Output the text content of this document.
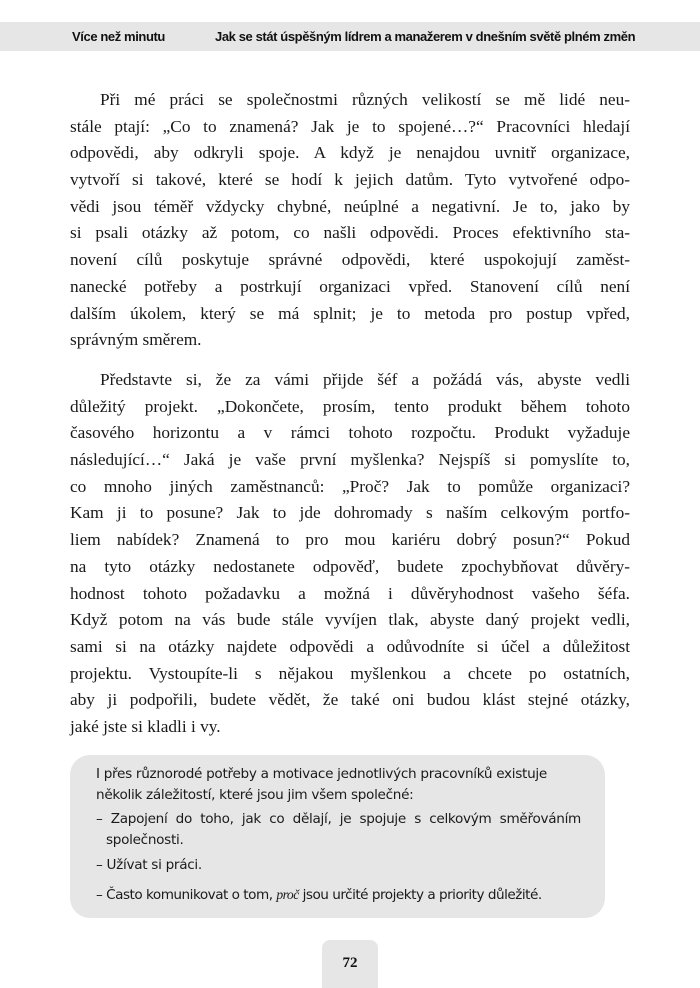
Více než minutu	Jak se stát úspěšným lídrem a manažerem v dnešním světě plném změn
Při mé práci se společnostmi různých velikostí se mě lidé neu-
stále ptají: „Co to znamená? Jak je to spojené…?“ Pracovníci hledají
odpovědi, aby odkryli spoje. A když je nenajdou uvnitř organizace,
vytvoří si takové, které se hodí k jejich datům. Tyto vytvořené odpo-
vědi jsou téměř vždycky chybné, neúplné a negativní. Je to, jako by
si psali otázky až potom, co našli odpovědi. Proces efektivního sta-
novení cílů poskytuje správné odpovědi, které uspokojují zaměst-
nanecké potřeby a postrkují organizaci vpřed. Stanovení cílů není
dalším úkolem, který se má splnit; je to metoda pro postup vpřed,
správným směrem.
Představte si, že za vámi přijde šéf a požádá vás, abyste vedli
důležitý projekt. „Dokončete, prosím, tento produkt během tohoto
časového horizontu a v rámci tohoto rozpočtu. Produkt vyžaduje
následující…“ Jaká je vaše první myšlenka? Nejspíš si pomyslíte to,
co mnoho jiných zaměstnanců: „Proč? Jak to pomůže organizaci?
Kam ji to posune? Jak to jde dohromady s naším celkovým portfo-
liem nabídek? Znamená to pro mou kariéru dobrý posun?“ Pokud
na tyto otázky nedostanete odpověď, budete zpochybňovat důvěry-
hodnost tohoto požadavku a možná i důvěryhodnost vašeho šéfa.
Když potom na vás bude stále vyvíjen tlak, abyste daný projekt vedli,
sami si na otázky najdete odpovědi a odůvodníte si účel a důležitost
projektu. Vystoupíte-li s nějakou myšlenkou a chcete po ostatních,
aby ji podpořili, budete vědět, že také oni budou klást stejné otázky,
jaké jste si kladli i vy.
I přes různorodé potřeby a motivace jednotlivých pracovníků existuje několik záležitostí, které jsou jim všem společné:
– Zapojení do toho, jak co dělají, je spojuje s celkovým směřováním společnosti.
– Užívat si práci.
– Často komunikovat o tom, proč jsou určité projekty a priority důležité.
72
